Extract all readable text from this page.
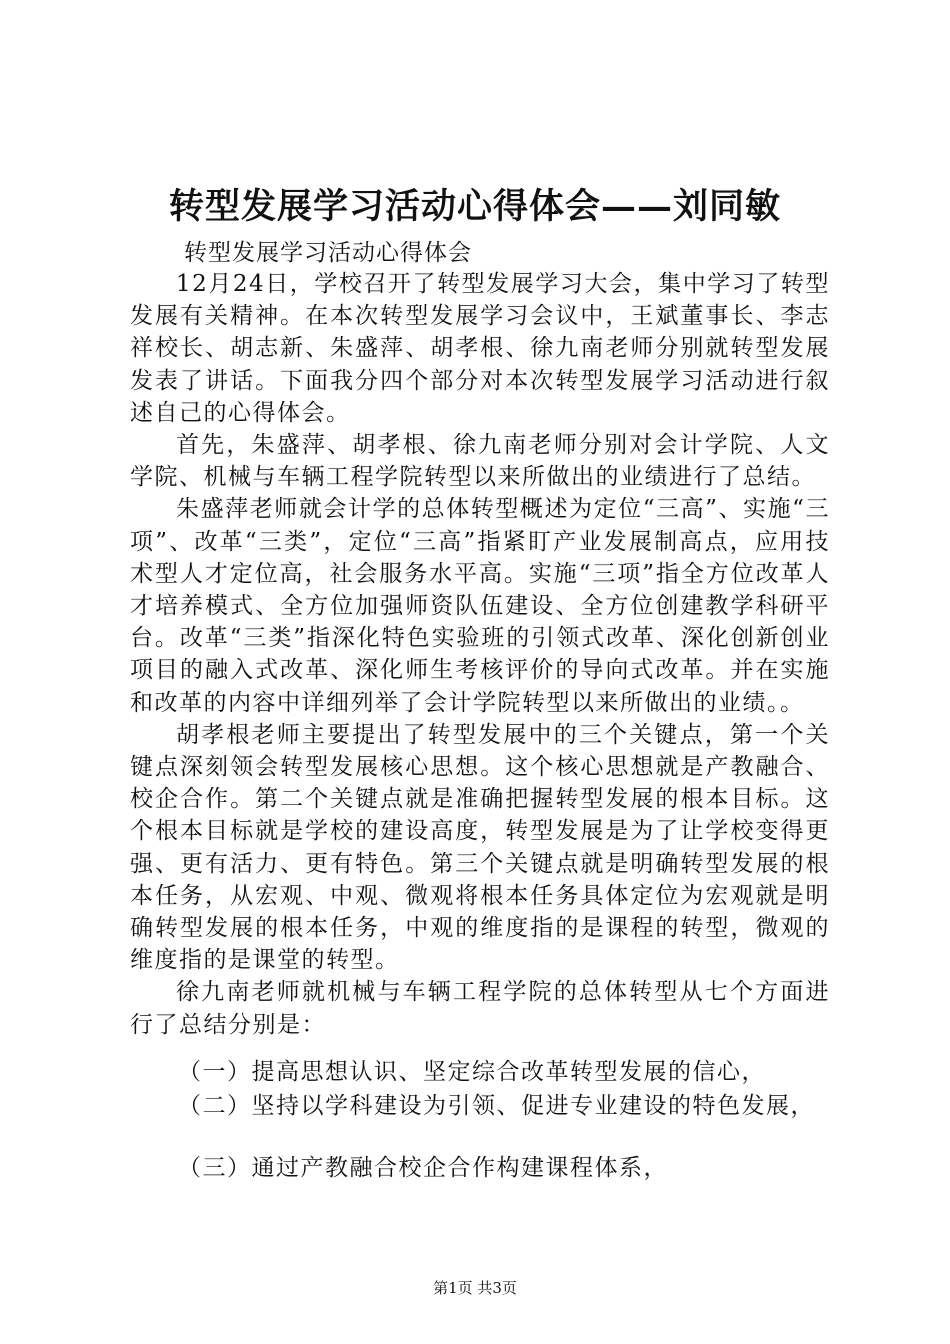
转型发展学习活动心得体会——刘同敏
转型发展学习活动心得体会

12月24日，学校召开了转型发展学习大会，集中学习了转型发展有关精神。在本次转型发展学习会议中，王斌董事长、李志祥校长、胡志新、朱盛萍、胡孝根、徐九南老师分别就转型发展发表了讲话。下面我分四个部分对本次转型发展学习活动进行叙述自己的心得体会。

首先，朱盛萍、胡孝根、徐九南老师分别对会计学院、人文学院、机械与车辆工程学院转型以来所做出的业绩进行了总结。

朱盛萍老师就会计学的总体转型概述为定位“三高”、实施“三项”、改革“三类”，定位“三高”指紧盯产业发展制高点，应用技术型人才定位高，社会服务水平高。实施“三项”指全方位改革人才培养模式、全方位加强师资队伍建设、全方位创建教学科研平台。改革“三类”指深化特色实验班的引领式改革、深化创新创业项目的融入式改革、深化师生考核评价的导向式改革。并在实施和改革的内容中详细列举了会计学院转型以来所做出的业绩。。

胡孝根老师主要提出了转型发展中的三个关键点，第一个关键点深刻领会转型发展核心思想。这个核心思想就是产教融合、校企合作。第二个关键点就是准确把握转型发展的根本目标。这个根本目标就是学校的建设高度，转型发展是为了让学校变得更强、更有活力、更有特色。第三个关键点就是明确转型发展的根本任务，从宏观、中观、微观将根本任务具体定位为宏观就是明确转型发展的根本任务，中观的维度指的是课程的转型，微观的维度指的是课堂的转型。

徐九南老师就机械与车辆工程学院的总体转型从七个方面进行了总结分别是：

（一）提高思想认识、坚定综合改革转型发展的信心，
（二）坚持以学科建设为引领、促进专业建设的特色发展，
（三）通过产教融合校企合作构建课程体系，
第1页 共3页
